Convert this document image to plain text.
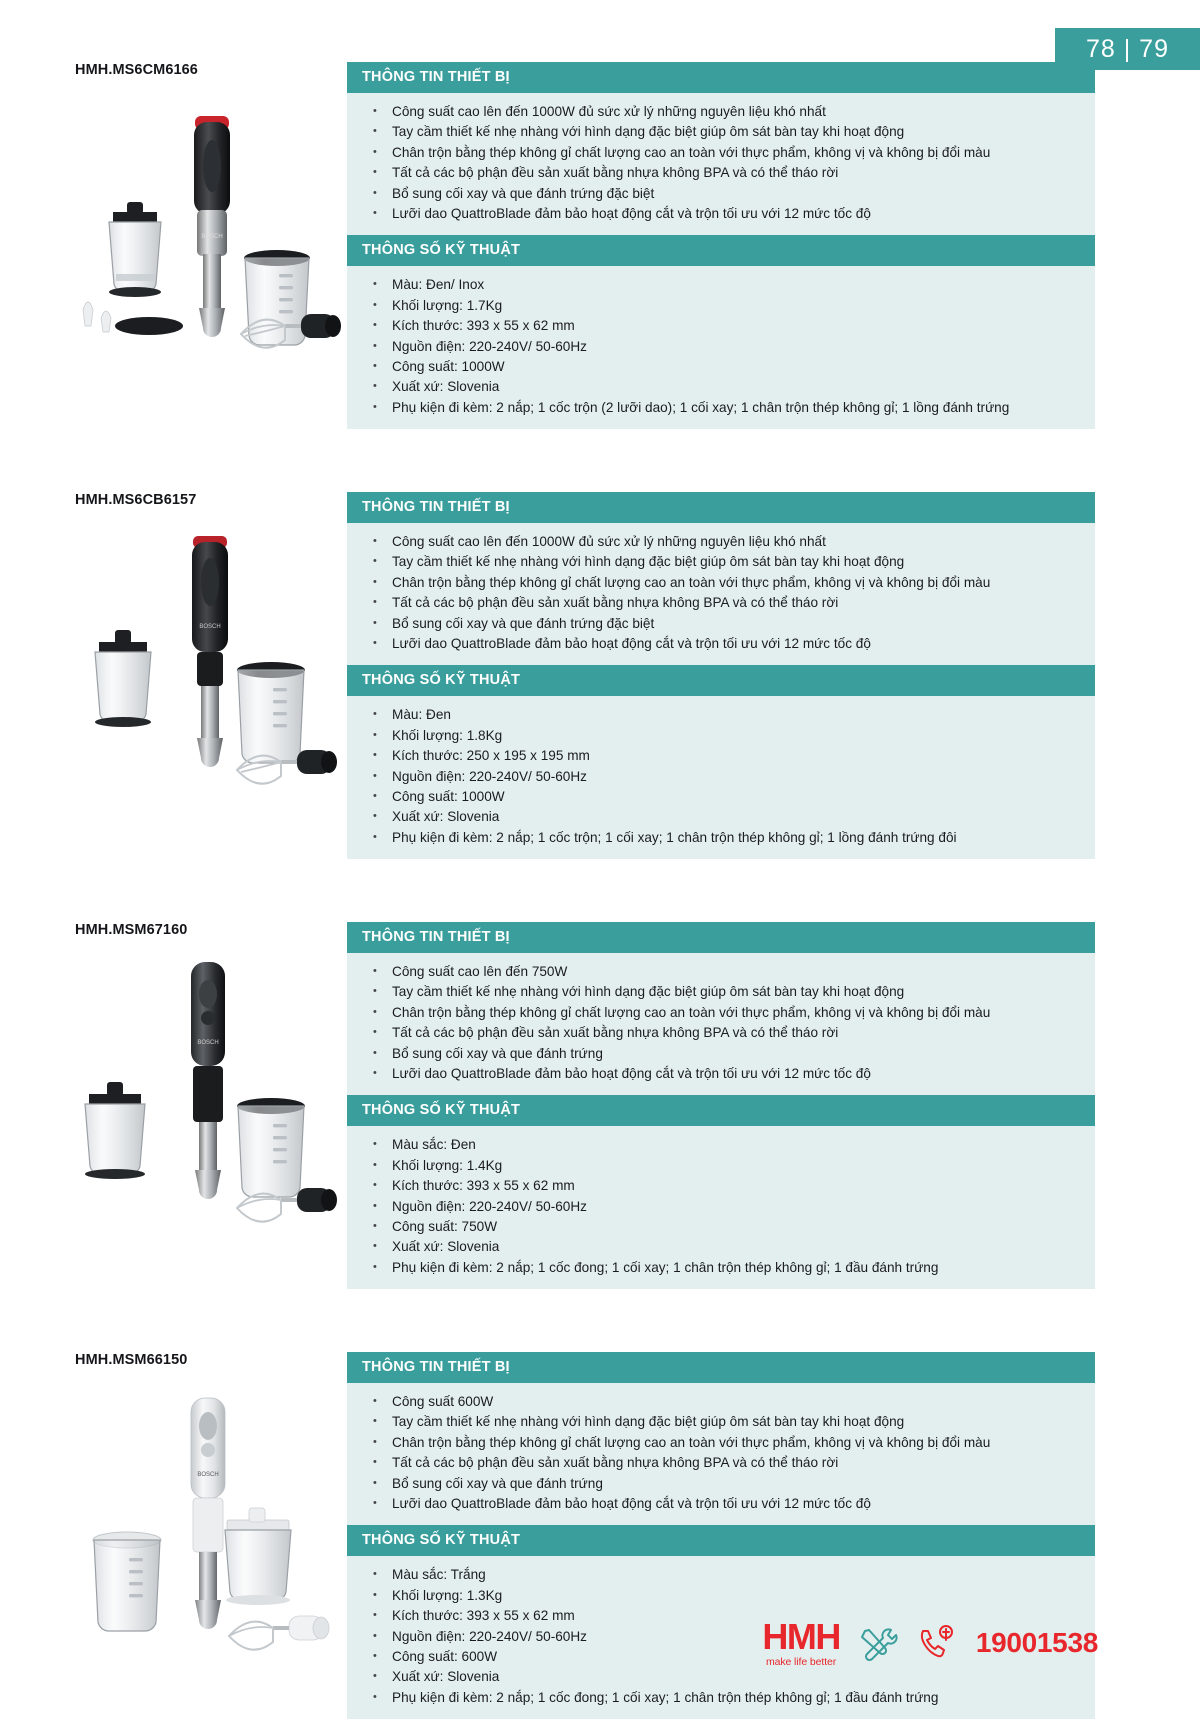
78 | 79
HMH.MS6CM6166
BOSCH
THÔNG TIN THIẾT BỊ
• Công suất cao lên đến 1000W đủ sức xử lý những nguyên liệu khó nhất
• Tay cầm thiết kế nhẹ nhàng với hình dạng đặc biệt giúp ôm sát bàn tay khi hoạt động
• Chân trộn bằng thép không gỉ chất lượng cao an toàn với thực phẩm, không vị và không bị đổi màu
• Tất cả các bộ phận đều sản xuất bằng nhựa không BPA và có thể tháo rời
• Bổ sung cối xay và que đánh trứng đặc biệt
• Lưỡi dao QuattroBlade đảm bảo hoạt động cắt và trộn tối ưu với 12 mức tốc độ
THÔNG SỐ KỸ THUẬT
• Màu: Đen/ Inox
• Khối lượng: 1.7Kg
• Kích thước: 393 x 55 x 62 mm
• Nguồn điện: 220-240V/ 50-60Hz
• Công suất: 1000W
• Xuất xứ: Slovenia
• Phụ kiện đi kèm: 2 nắp; 1 cốc trộn (2 lưỡi dao); 1 cối xay; 1 chân trộn thép không gỉ; 1 lồng đánh trứng
HMH.MS6CB6157
BOSCH
THÔNG TIN THIẾT BỊ
• Công suất cao lên đến 1000W đủ sức xử lý những nguyên liệu khó nhất
• Tay cầm thiết kế nhẹ nhàng với hình dạng đặc biệt giúp ôm sát bàn tay khi hoạt động
• Chân trộn bằng thép không gỉ chất lượng cao an toàn với thực phẩm, không vị và không bị đổi màu
• Tất cả các bộ phận đều sản xuất bằng nhựa không BPA và có thể tháo rời
• Bổ sung cối xay và que đánh trứng đặc biệt
• Lưỡi dao QuattroBlade đảm bảo hoạt động cắt và trộn tối ưu với 12 mức tốc độ
THÔNG SỐ KỸ THUẬT
• Màu: Đen
• Khối lượng: 1.8Kg
• Kích thước: 250 x 195 x 195 mm
• Nguồn điện: 220-240V/ 50-60Hz
• Công suất: 1000W
• Xuất xứ: Slovenia
• Phụ kiện đi kèm: 2 nắp; 1 cốc trộn; 1 cối xay; 1 chân trộn thép không gỉ; 1 lồng đánh trứng đôi
HMH.MSM67160
BOSCH
THÔNG TIN THIẾT BỊ
• Công suất cao lên đến 750W
• Tay cầm thiết kế nhẹ nhàng với hình dạng đặc biệt giúp ôm sát bàn tay khi hoạt động
• Chân trộn bằng thép không gỉ chất lượng cao an toàn với thực phẩm, không vị và không bị đổi màu
• Tất cả các bộ phận đều sản xuất bằng nhựa không BPA và có thể tháo rời
• Bổ sung cối xay và que đánh trứng
• Lưỡi dao QuattroBlade đảm bảo hoạt động cắt và trộn tối ưu với 12 mức tốc độ
THÔNG SỐ KỸ THUẬT
• Màu sắc: Đen
• Khối lượng: 1.4Kg
• Kích thước: 393 x 55 x 62 mm
• Nguồn điện: 220-240V/ 50-60Hz
• Công suất: 750W
• Xuất xứ: Slovenia
• Phụ kiện đi kèm: 2 nắp; 1 cốc đong; 1 cối xay; 1 chân trộn thép không gỉ; 1 đầu đánh trứng
HMH.MSM66150
BOSCH
THÔNG TIN THIẾT BỊ
• Công suất 600W
• Tay cầm thiết kế nhẹ nhàng với hình dạng đặc biệt giúp ôm sát bàn tay khi hoạt động
• Chân trộn bằng thép không gỉ chất lượng cao an toàn với thực phẩm, không vị và không bị đổi màu
• Tất cả các bộ phận đều sản xuất bằng nhựa không BPA và có thể tháo rời
• Bổ sung cối xay và que đánh trứng
• Lưỡi dao QuattroBlade đảm bảo hoạt động cắt và trộn tối ưu với 12 mức tốc độ
THÔNG SỐ KỸ THUẬT
• Màu sắc: Trắng
• Khối lượng: 1.3Kg
• Kích thước: 393 x 55 x 62 mm
• Nguồn điện: 220-240V/ 50-60Hz
• Công suất: 600W
• Xuất xứ: Slovenia
• Phụ kiện đi kèm: 2 nắp; 1 cốc đong; 1 cối xay; 1 chân trộn thép không gỉ; 1 đầu đánh trứng
HMH
make life better
19001538
